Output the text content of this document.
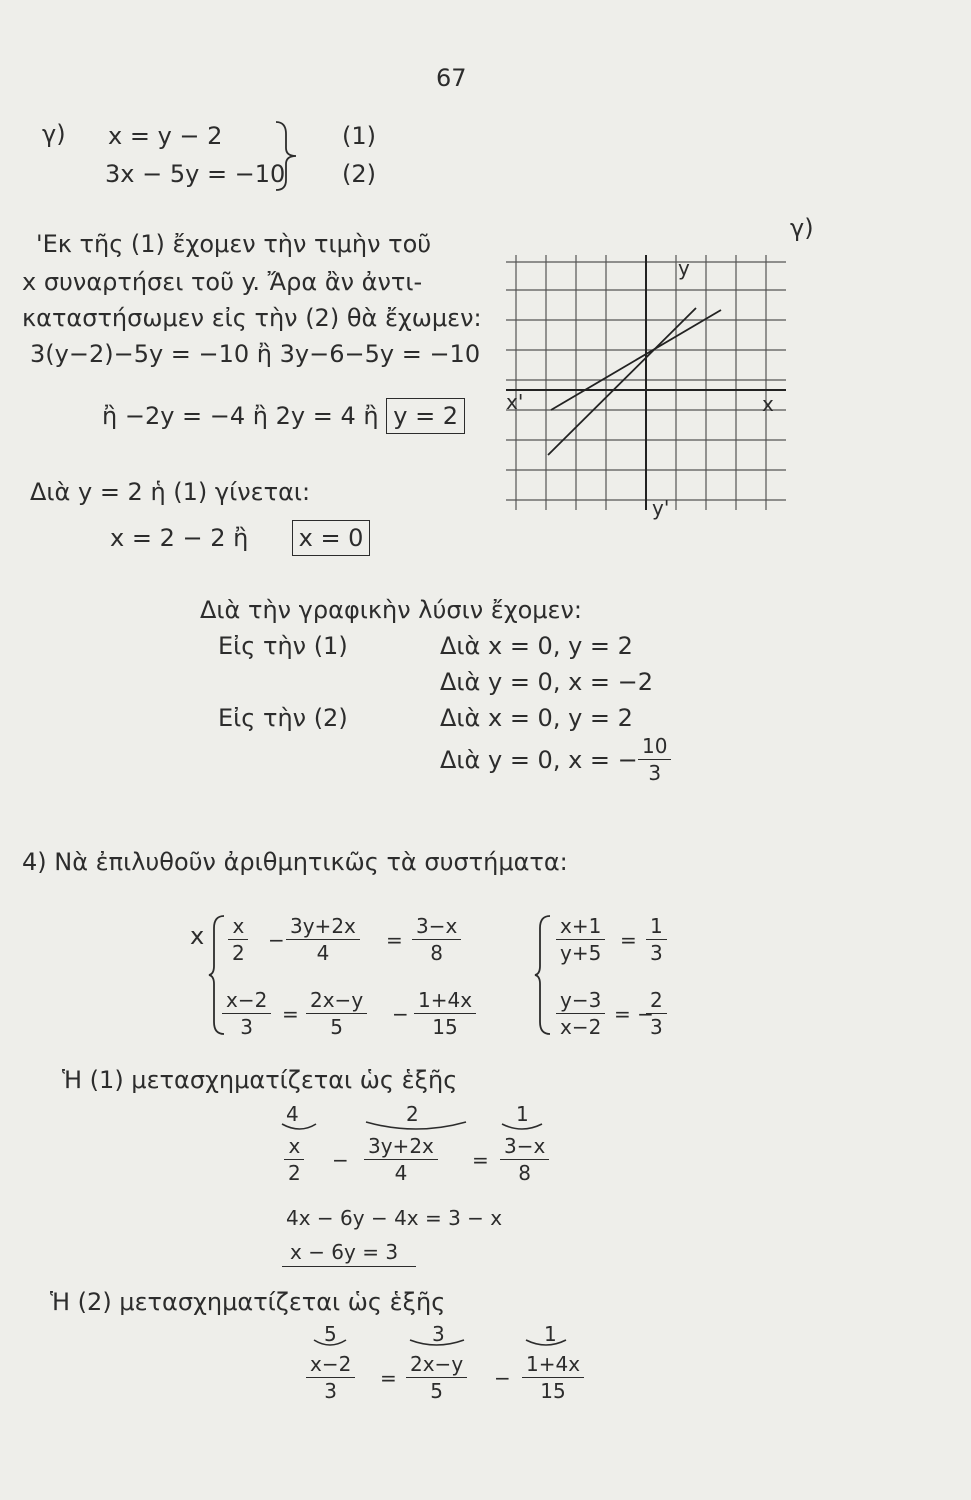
67
γ) x = y − 2
3x − 5y = −10
(1)
(2)
'Εκ τῆς (1) ἔχομεν τὴν τιμὴν τοῦ
x συναρτήσει τοῦ y. Ἄρα ἂν ἀντι-
καταστήσωμεν εἰς τὴν (2) θὰ ἔχωμεν:
3(y−2)−5y = −10 ἢ 3y−6−5y = −10
ἢ −2y = −4 ἢ 2y = 4 ἢ y = 2
Διὰ y = 2 ἡ (1) γίνεται:
x = 2 − 2 ἢ x = 0
γ)
y
x'	x
y'
Διὰ τὴν γραφικὴν λύσιν ἔχομεν:
Εἰς τὴν (1)	Διὰ x = 0, y = 2
Διὰ y = 0, x = −2
Εἰς τὴν (2)	Διὰ x = 0, y = 2
Διὰ y = 0, x = − $\frac{10}{3}$
4) Νὰ ἐπιλυθοῦν ἀριθμητικῶς τὰ συστήματα:
x $\frac{x}{2} - \frac{3y+2x}{4} = \frac{3-x}{8}$
$\frac{x-2}{3} = \frac{2x-y}{5} - \frac{1+4x}{15}$
$\frac{x+1}{y+5} = \frac{1}{3}$
$\frac{y-3}{x-2}$ = −
$\frac{2}{3}$
Ἡ (1) μετασχηματίζεται ὡς ἑξῆς
4	2	1
$\frac{x}{2} - \frac{3y+2x}{4} = \frac{3-x}{8}$
4x − 6y − 4x = 3 − x
x − 6y = 3
Ἡ (2) μετασχηματίζεται ὡς ἑξῆς
5	3	1
$\frac{x-2}{3} = \frac{2x-y}{5} - \frac{1+4x}{15}$
